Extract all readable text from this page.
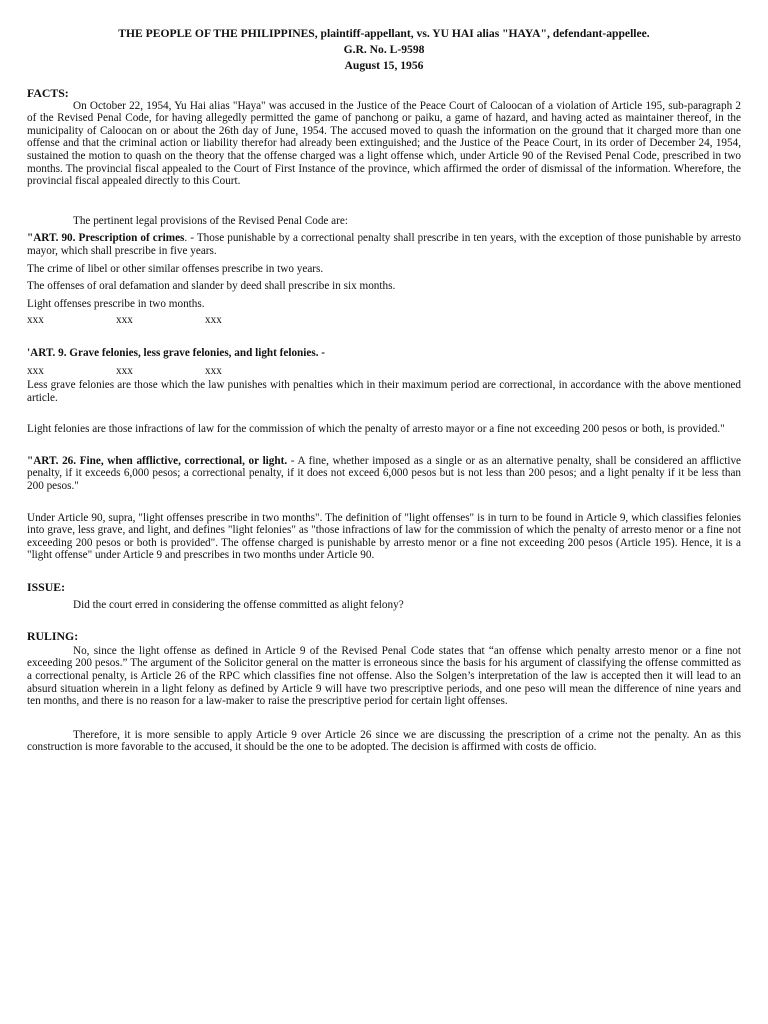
THE PEOPLE OF THE PHILIPPINES, plaintiff-appellant, vs. YU HAI alias "HAYA", defendant-appellee.

G.R. No. L-9598

August 15, 1956

FACTS:

On October 22, 1954, Yu Hai alias "Haya" was accused in the Justice of the Peace Court of Caloocan of a violation of Article 195, sub-paragraph 2 of the Revised Penal Code, for having allegedly permitted the game of panchong or paiku, a game of hazard, and having acted as maintainer thereof, in the municipality of Caloocan on or about the 26th day of June, 1954. The accused moved to quash the information on the ground that it charged more than one offense and that the criminal action or liability therefor had already been extinguished; and the Justice of the Peace Court, in its order of December 24, 1954, sustained the motion to quash on the theory that the offense charged was a light offense which, under Article 90 of the Revised Penal Code, prescribed in two months. The provincial fiscal appealed to the Court of First Instance of the province, which affirmed the order of dismissal of the information. Wherefore, the provincial fiscal appealed directly to this Court.

The pertinent legal provisions of the Revised Penal Code are:

"ART. 90. Prescription of crimes. - Those punishable by a correctional penalty shall prescribe in ten years, with the exception of those punishable by arresto mayor, which shall prescribe in five years.

The crime of libel or other similar offenses prescribe in two years.

The offenses of oral defamation and slander by deed shall prescribe in six months.

Light offenses prescribe in two months.

xxx	xxx	xxx

'ART. 9. Grave felonies, less grave felonies, and light felonies. -

xxx	xxx	xxx

Less grave felonies are those which the law punishes with penalties which in their maximum period are correctional, in accordance with the above mentioned article.

Light felonies are those infractions of law for the commission of which the penalty of arresto mayor or a fine not exceeding 200 pesos or both, is provided."

"ART. 26. Fine, when afflictive, correctional, or light. - A fine, whether imposed as a single or as an alternative penalty, shall be considered an afflictive penalty, if it exceeds 6,000 pesos; a correctional penalty, if it does not exceed 6,000 pesos but is not less than 200 pesos; and a light penalty if it be less than 200 pesos."

Under Article 90, supra, "light offenses prescribe in two months". The definition of "light offenses" is in turn to be found in Article 9, which classifies felonies into grave, less grave, and light, and defines "light felonies" as "those infractions of law for the commission of which the penalty of arresto menor or a fine not exceeding 200 pesos or both is provided". The offense charged is punishable by arresto menor or a fine not exceeding 200 pesos (Article 195). Hence, it is a "light offense" under Article 9 and prescribes in two months under Article 90.

ISSUE:

Did the court erred in considering the offense committed as alight felony?

RULING:

No, since the light offense as defined in Article 9 of the Revised Penal Code states that “an offense which penalty arresto menor or a fine not exceeding 200 pesos.” The argument of the Solicitor general on the matter is erroneous since the basis for his argument of classifying the offense committed as a correctional penalty, is Article 26 of the RPC which classifies fine not offense. Also the Solgen’s interpretation of the law is accepted then it will lead to an absurd situation wherein in a light felony as defined by Article 9 will have two prescriptive periods, and one peso will mean the difference of nine years and ten months, and there is no reason for a law-maker to raise the prescriptive period for certain light offenses.

Therefore, it is more sensible to apply Article 9 over Article 26 since we are discussing the prescription of a crime not the penalty. An as this construction is more favorable to the accused, it should be the one to be adopted. The decision is affirmed with costs de officio.
